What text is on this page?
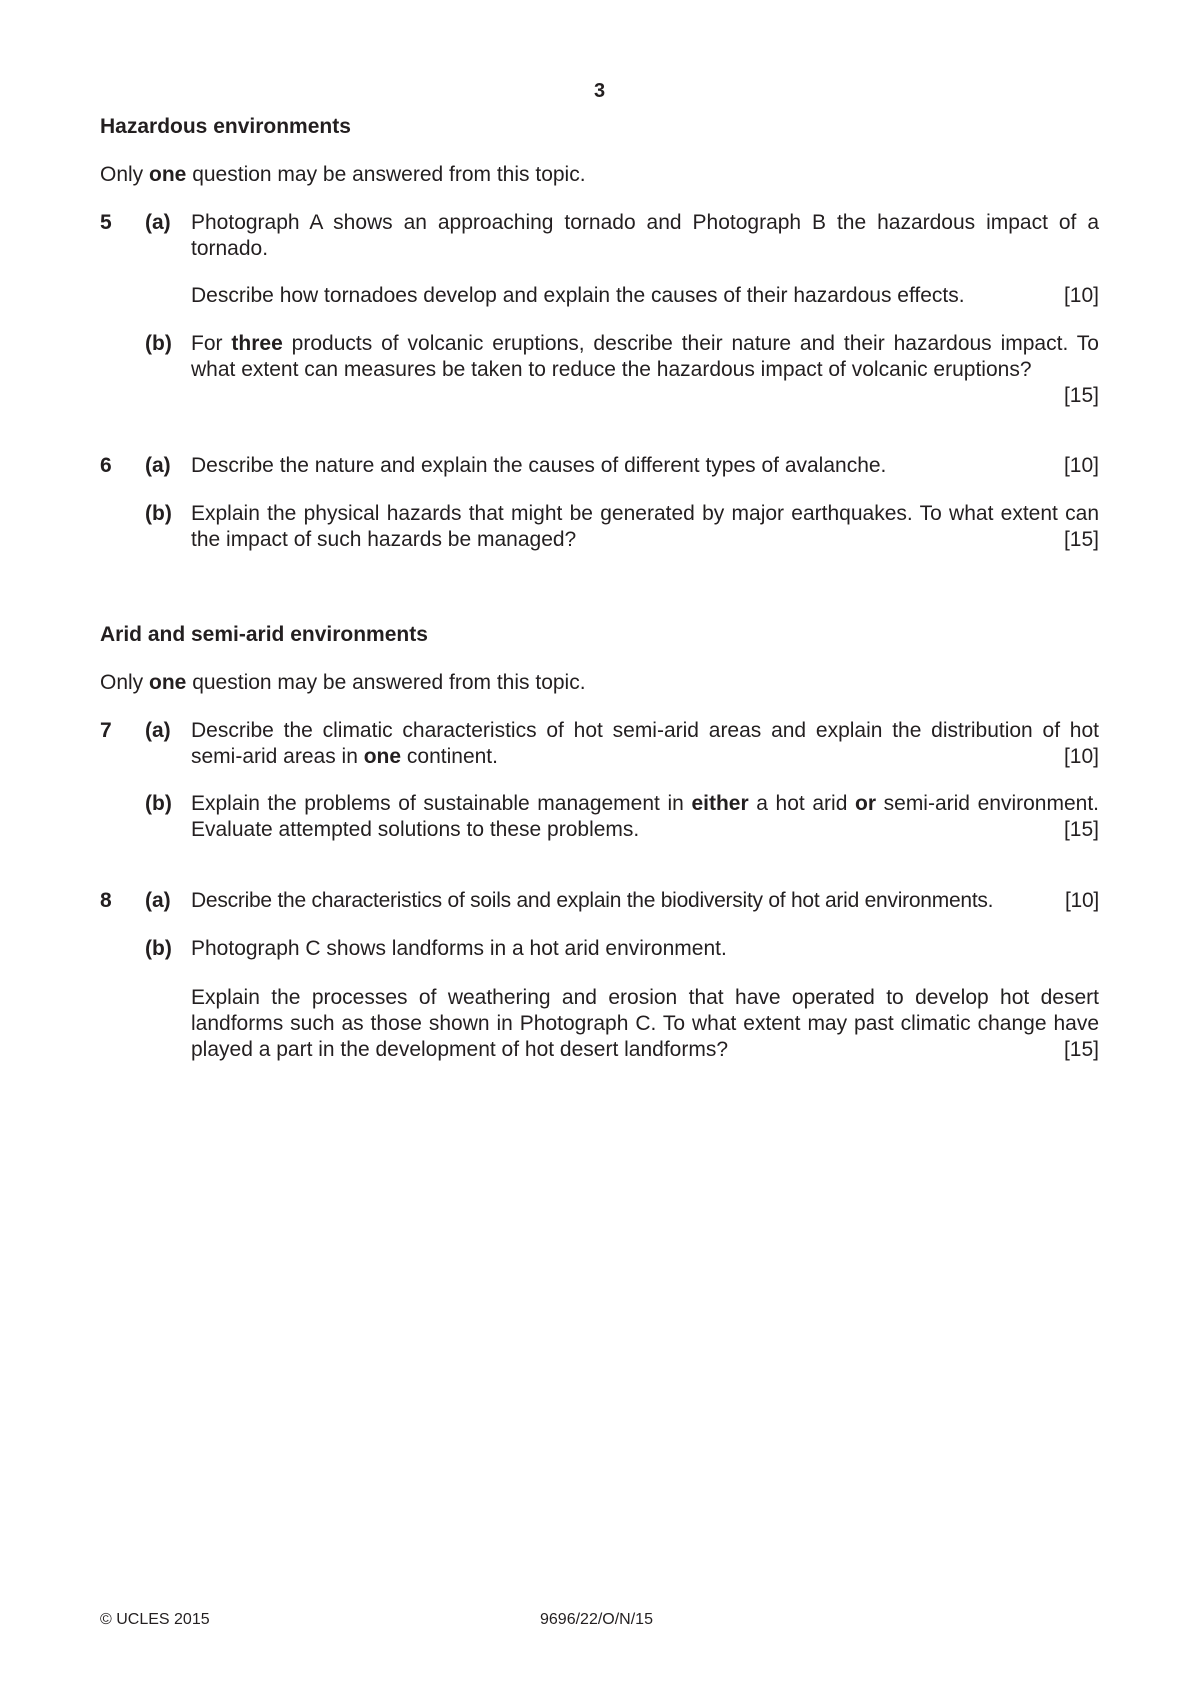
3
Hazardous environments
Only one question may be answered from this topic.
5 (a) Photograph A shows an approaching tornado and Photograph B the hazardous impact of a tornado.
[10]
Describe how tornadoes develop and explain the causes of their hazardous effects.
(b) For three products of volcanic eruptions, describe their nature and their hazardous impact. To what extent can measures be taken to reduce the hazardous impact of volcanic eruptions?
[15]
6 (a)	[10]
Describe the nature and explain the causes of different types of avalanche.
(b) Explain the physical hazards that might be generated by major earthquakes. To what extent can the impact of such hazards be managed?	[15]
Arid and semi-arid environments
Only one question may be answered from this topic.
7 (a) Describe the climatic characteristics of hot semi-arid areas and explain the distribution of hot semi-arid areas in one continent.	[10]
(b) Explain the problems of sustainable management in either a hot arid or semi-arid environment. Evaluate attempted solutions to these problems.	[15]
8 (a) Describe the characteristics of soils and explain the biodiversity of hot arid environments.	[10]
(b) Photograph C shows landforms in a hot arid environment.
Explain the processes of weathering and erosion that have operated to develop hot desert landforms such as those shown in Photograph C. To what extent may past climatic change have played a part in the development of hot desert landforms?	[15]
© UCLES 2015	9696/22/O/N/15
